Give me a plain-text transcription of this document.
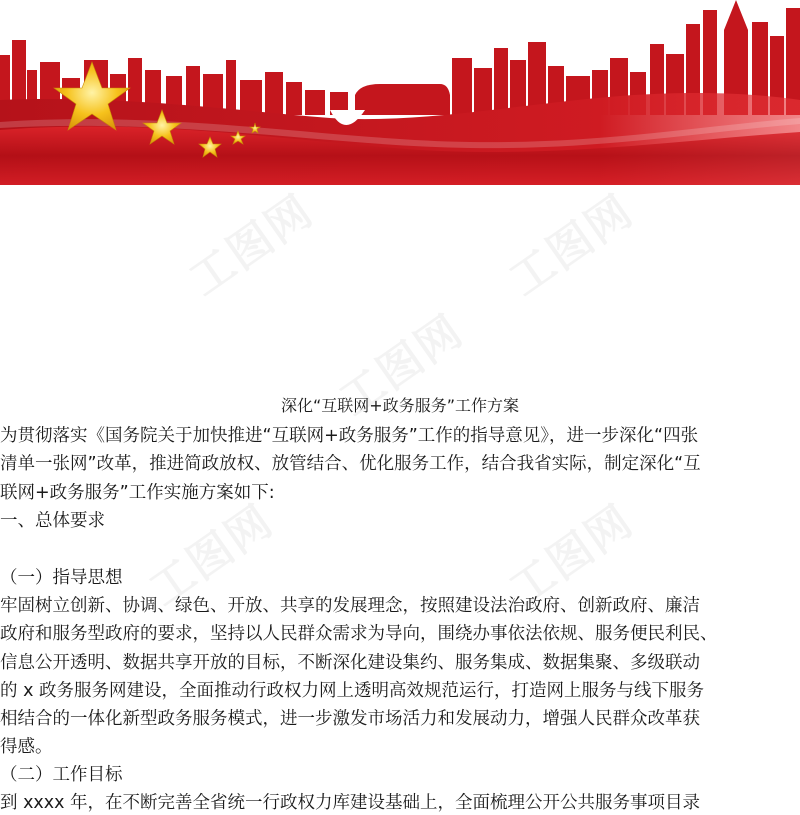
深化“互联网+政务服务”工作方案
为贯彻落实《国务院关于加快推进“互联网+政务服务”工作的指导意见》，进一步深化“四张
清单一张网”改革，推进简政放权、放管结合、优化服务工作，结合我省实际，制定深化“互
联网+政务服务”工作实施方案如下:
一、总体要求
（一）指导思想
牢固树立创新、协调、绿色、开放、共享的发展理念，按照建设法治政府、创新政府、廉洁
政府和服务型政府的要求，坚持以人民群众需求为导向，围绕办事依法依规、服务便民利民、
信息公开透明、数据共享开放的目标，不断深化建设集约、服务集成、数据集聚、多级联动
的 x 政务服务网建设，全面推动行政权力网上透明高效规范运行，打造网上服务与线下服务
相结合的一体化新型政务服务模式，进一步激发市场活力和发展动力，增强人民群众改革获
得感。
（二）工作目标
到 xxxx 年，在不断完善全省统一行政权力库建设基础上，全面梳理公开公共服务事项目录
